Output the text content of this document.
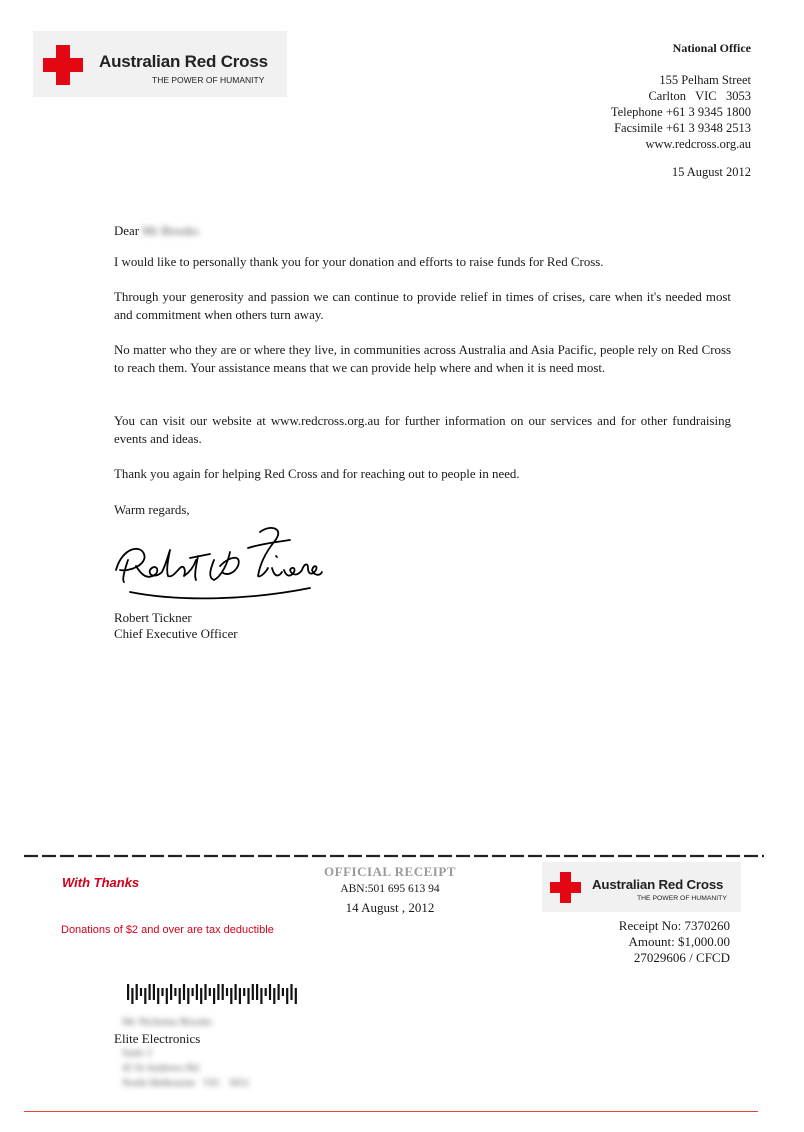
Australian Red Cross
THE POWER OF HUMANITY
National Office
155 Pelham Street
Carlton   VIC   3053
Telephone +61 3 9345 1800
Facsimile +61 3 9348 2513
www.redcross.org.au
15 August 2012
Dear Mr Brooks
I would like to personally thank you for your donation and efforts to raise funds for Red Cross.
Through your generosity and passion we can continue to provide relief in times of crises, care when it's needed most and commitment when others turn away.
No matter who they are or where they live, in communities across Australia and Asia Pacific, people rely on Red Cross to reach them. Your assistance means that we can provide help where and when it is need most.
You can visit our website at www.redcross.org.au for further information on our services and for other fundraising events and ideas.
Thank you again for helping Red Cross and for reaching out to people in need.
Warm regards,
Robert Tickner
Chief Executive Officer
With Thanks
Donations of $2 and over are tax deductible
OFFICIAL RECEIPT
ABN:501 695 613 94
14 August , 2012
Australian Red Cross
THE POWER OF HUMANITY
Receipt No: 7370260
Amount: $1,000.00
27029606 / CFCD
Mr Nicholas Brooks
Elite Electronics
Suite 3
45 St Andrews Rd
North Melbourne   VIC   3051
